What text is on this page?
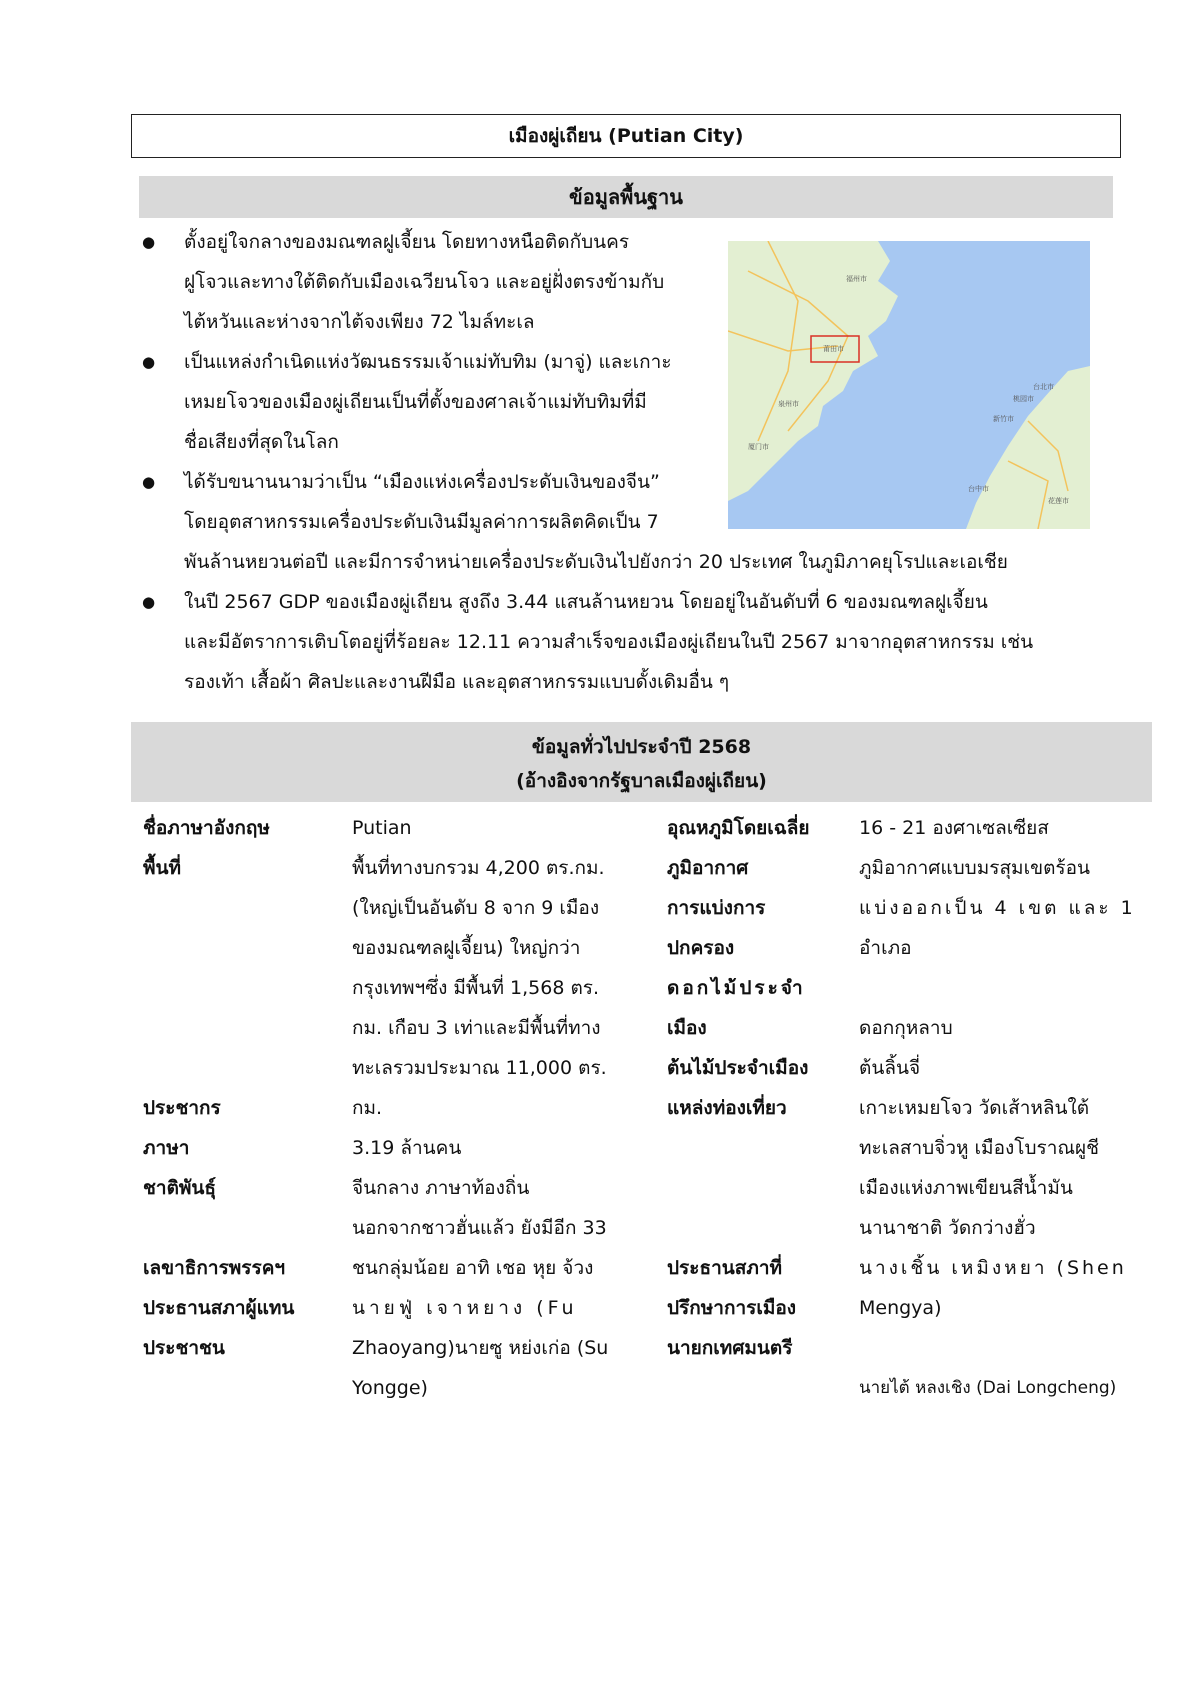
เมืองผู่เถียน (Putian City)
ข้อมูลพื้นฐาน
● ตั้งอยู่ใจกลางของมณฑลฝูเจี้ยน โดยทางหนือติดกับนคร
ฝูโจวและทางใต้ติดกับเมืองเฉวียนโจว และอยู่ฝั่งตรงข้ามกับ
ไต้หวันและห่างจากไต้จงเพียง 72 ไมล์ทะเล
● เป็นแหล่งกำเนิดแห่งวัฒนธรรมเจ้าแม่ทับทิม (มาจู่) และเกาะ
เหมยโจวของเมืองผู่เถียนเป็นที่ตั้งของศาลเจ้าแม่ทับทิมที่มี
ชื่อเสียงที่สุดในโลก
● ได้รับขนานนามว่าเป็น “เมืองแห่งเครื่องประดับเงินของจีน”
โดยอุตสาหกรรมเครื่องประดับเงินมีมูลค่าการผลิตคิดเป็น 7
พันล้านหยวนต่อปี และมีการจำหน่ายเครื่องประดับเงินไปยังกว่า 20 ประเทศ ในภูมิภาคยุโรปและเอเชีย
● ในปี 2567 GDP ของเมืองผู่เถียน สูงถึง 3.44 แสนล้านหยวน โดยอยู่ในอันดับที่ 6 ของมณฑลฝูเจี้ยน
และมีอัตราการเติบโตอยู่ที่ร้อยละ 12.11 ความสำเร็จของเมืองผู่เถียนในปี 2567 มาจากอุตสาหกรรม เช่น
รองเท้า เสื้อผ้า ศิลปะและงานฝีมือ และอุตสาหกรรมแบบดั้งเดิมอื่น ๆ
福州市
莆田市
泉州市
厦门市
台北市
桃园市
新竹市
台中市
花莲市
ข้อมูลทั่วไปประจำปี 2568
(อ้างอิงจากรัฐบาลเมืองผู่เถียน)
ชื่อภาษาอังกฤษ
พื้นที่
ประชากร
ภาษา
ชาติพันธุ์
เลขาธิการพรรคฯ
ประธานสภาผู้แทน
ประชาชน
Putian
พื้นที่ทางบกรวม 4,200 ตร.กม.
(ใหญ่เป็นอันดับ 8 จาก 9 เมือง
ของมณฑลฝูเจี้ยน) ใหญ่กว่า
กรุงเทพฯซึ่ง มีพื้นที่ 1,568 ตร.
กม. เกือบ 3 เท่าและมีพื้นที่ทาง
ทะเลรวมประมาณ 11,000 ตร.
กม.
3.19 ล้านคน
จีนกลาง ภาษาท้องถิ่น
นอกจากชาวฮั่นแล้ว ยังมีอีก 33
ชนกลุ่มน้อย อาทิ เชอ หุย จ้วง
นายฟู่ เจาหยาง (Fu
Zhaoyang)นายซู หย่งเก่อ (Su
Yongge)
อุณหภูมิโดยเฉลี่ย
ภูมิอากาศ
การแบ่งการ
ปกครอง
ดอกไม้ประจำ
เมือง
ต้นไม้ประจำเมือง
แหล่งท่องเที่ยว
ประธานสภาที่
ปรึกษาการเมือง
นายกเทศมนตรี
16 - 21 องศาเซลเซียส
ภูมิอากาศแบบมรสุมเขตร้อน
แบ่งออกเป็น 4 เขต และ 1
อำเภอ
ดอกกุหลาบ
ต้นลิ้นจี่
เกาะเหมยโจว วัดเส้าหลินใต้
ทะเลสาบจิ่วหู เมืองโบราณผูชี
เมืองแห่งภาพเขียนสีน้ำมัน
นานาชาติ วัดกว่างฮั่ว
นางเชิ้น เหมิงหยา (Shen
Mengya)
นายไต้ หลงเชิง (Dai Longcheng)
